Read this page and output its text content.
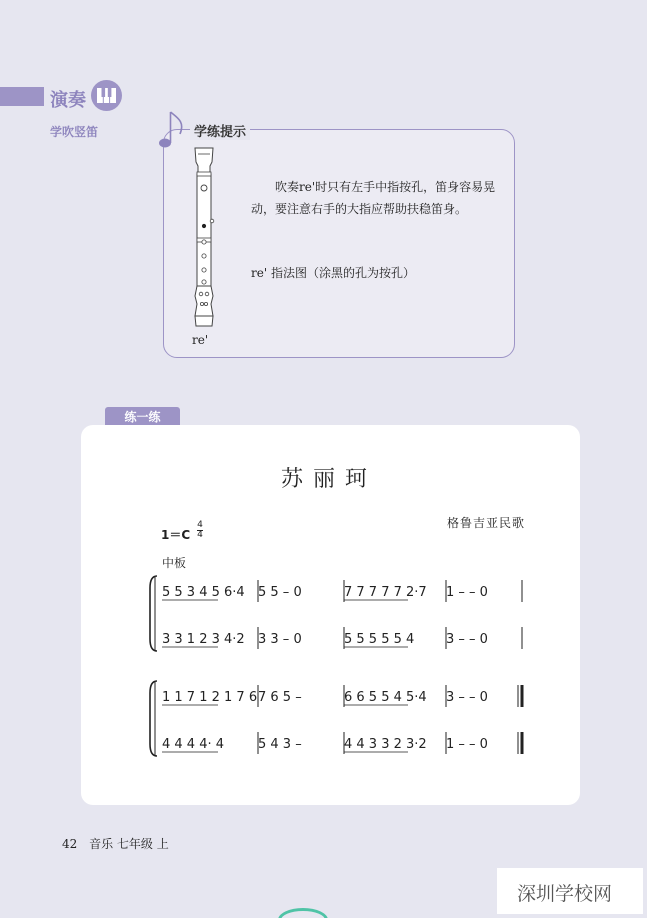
演奏
学吹竖笛	学练提示
re'
吹奏re'时只有左手中指按孔，笛身容易晃动，要注意右手的大指应帮助扶稳笛身。
re' 指法图（涂黑的孔为按孔）
练一练
苏丽珂
格鲁吉亚民歌
1＝C
4
4
中板
5 5 3 4 5 6·4 5 5 – 0	7 7 7 7 7 2·7 1 – – 0
3 3 1 2 3 4·2 3 3 – 0	5 5 5 5 5 4 3 – – 0
1 1 7 1 2 1 7 6 7 6 5 –	6 6 5 5 4 5·4 3 – – 0
4 4 4 4· 4	5 4 3 –	4 4 3 3 2 3·2 1 – – 0
42 音乐 七年级 上
深圳学校网
